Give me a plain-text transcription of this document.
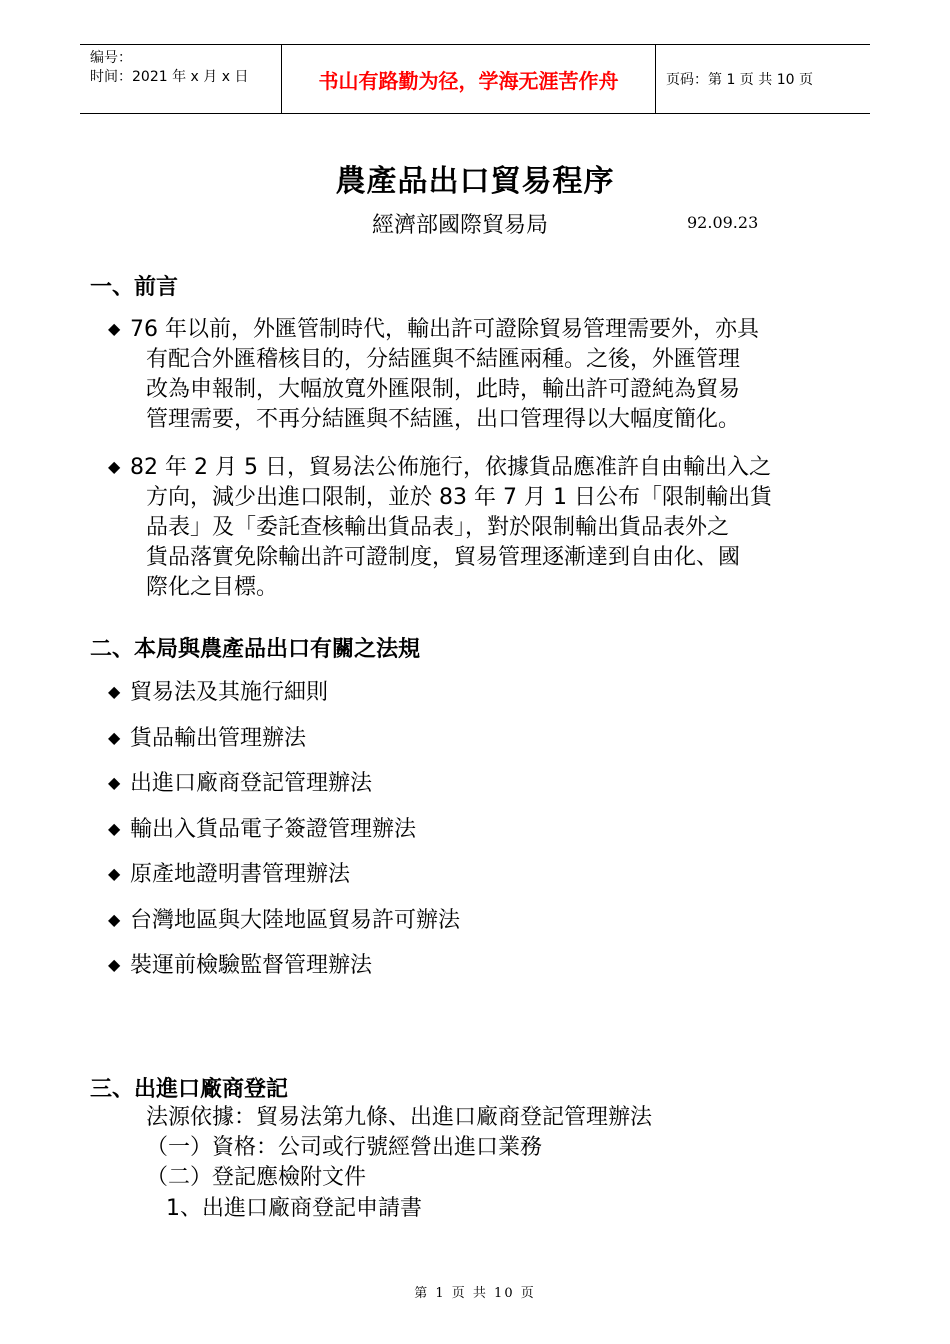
编号：
时间：2021 年 x 月 x 日	书山有路勤为径，学海无涯苦作舟	页码：第 1 页 共 10 页
農產品出口貿易程序
經濟部國際貿易局	92.09.23
一、前言
◆ 76 年以前，外匯管制時代，輸出許可證除貿易管理需要外，亦具
有配合外匯稽核目的，分結匯與不結匯兩種。之後，外匯管理
改為申報制，大幅放寬外匯限制，此時，輸出許可證純為貿易
管理需要，不再分結匯與不結匯，出口管理得以大幅度簡化。
◆ 82 年 2 月 5 日，貿易法公佈施行，依據貨品應准許自由輸出入之
方向，減少出進口限制，並於 83 年 7 月 1 日公布「限制輸出貨
品表」及「委託查核輸出貨品表」，對於限制輸出貨品表外之
貨品落實免除輸出許可證制度，貿易管理逐漸達到自由化、國
際化之目標。
二、本局與農產品出口有關之法規
◆ 貿易法及其施行細則
◆ 貨品輸出管理辦法
◆ 出進口廠商登記管理辦法
◆ 輸出入貨品電子簽證管理辦法
◆ 原產地證明書管理辦法
◆ 台灣地區與大陸地區貿易許可辦法
◆ 裝運前檢驗監督管理辦法
三、出進口廠商登記
法源依據：貿易法第九條、出進口廠商登記管理辦法
（一）資格：公司或行號經營出進口業務
（二）登記應檢附文件
1、出進口廠商登記申請書
第 1 页 共 10 页
